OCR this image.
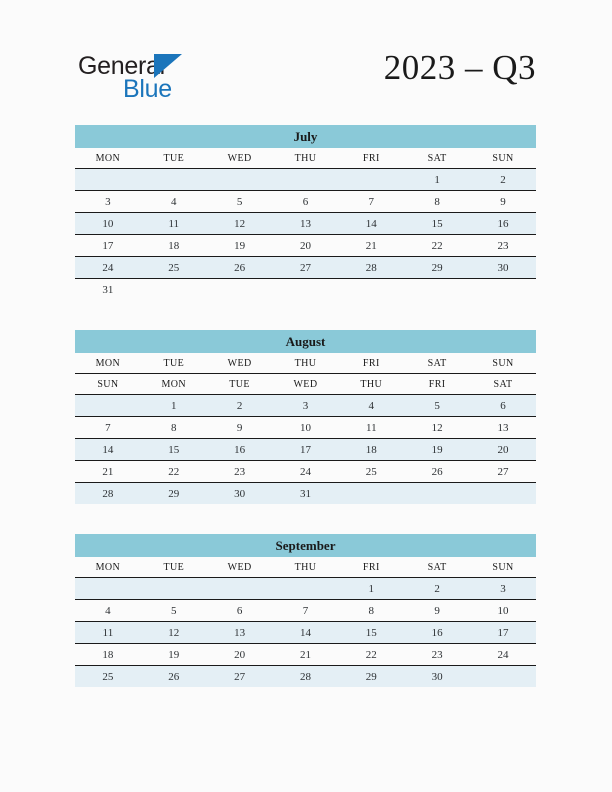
General
Blue
2023 – Q3
July
MON	TUE	WED	THU	FRI	SAT	SUN
					1	2
3	4	5	6	7	8	9
10	11	12	13	14	15	16
17	18	19	20	21	22	23
24	25	26	27	28	29	30
31						
August
MON	TUE	WED	THU	FRI	SAT	SUN
SUN	MON	TUE	WED	THU	FRI	SAT
	1	2	3	4	5	6
7	8	9	10	11	12	13
14	15	16	17	18	19	20
21	22	23	24	25	26	27
28	29	30	31			
September
MON	TUE	WED	THU	FRI	SAT	SUN
				1	2	3
4	5	6	7	8	9	10
11	12	13	14	15	16	17
18	19	20	21	22	23	24
25	26	27	28	29	30	
